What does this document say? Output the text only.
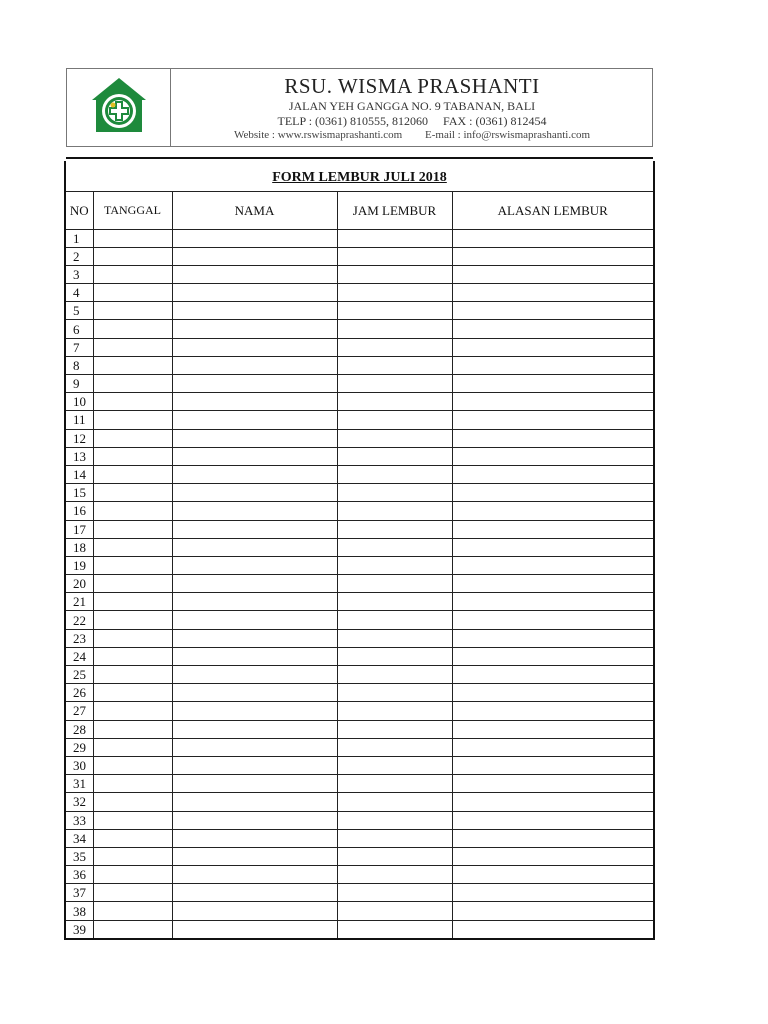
RSU. WISMA PRASHANTI
JALAN YEH GANGGA NO. 9 TABANAN, BALI
TELP : (0361) 810555, 812060     FAX : (0361) 812454
Website : www.rswismaprashanti.com E-mail : info@rswismaprashanti.com
FORM LEMBUR JULI 2018
NO	TANGGAL	NAMA	JAM LEMBUR	ALASAN LEMBUR
1				
2				
3				
4				
5				
6				
7				
8				
9				
10				
11				
12				
13				
14				
15				
16				
17				
18				
19				
20				
21				
22				
23				
24				
25				
26				
27				
28				
29				
30				
31				
32				
33				
34				
35				
36				
37				
38				
39				
